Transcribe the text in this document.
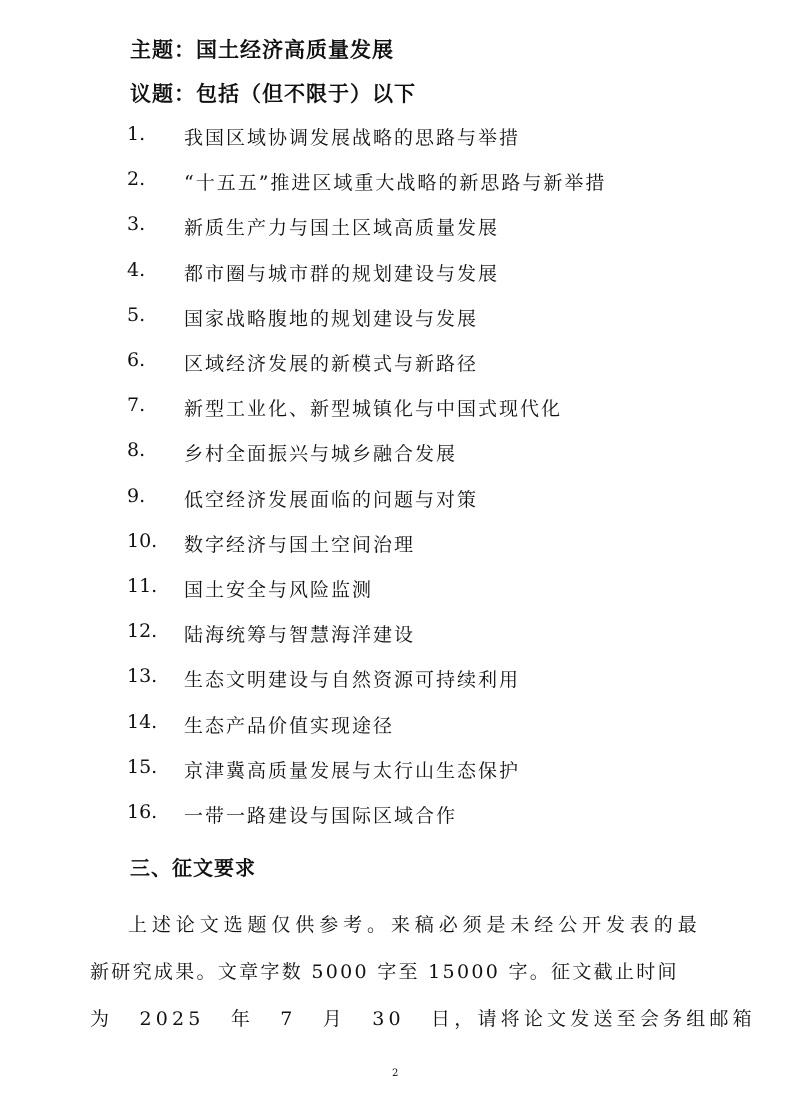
主题：国土经济高质量发展
议题：包括（但不限于）以下
1.	我国区域协调发展战略的思路与举措
2.	“十五五”推进区域重大战略的新思路与新举措
3.	新质生产力与国土区域高质量发展
4.	都市圈与城市群的规划建设与发展
5.	国家战略腹地的规划建设与发展
6.	区域经济发展的新模式与新路径
7.	新型工业化、新型城镇化与中国式现代化
8.	乡村全面振兴与城乡融合发展
9.	低空经济发展面临的问题与对策
10.	数字经济与国土空间治理
11.	国土安全与风险监测
12.	陆海统筹与智慧海洋建设
13.	生态文明建设与自然资源可持续利用
14.	生态产品价值实现途径
15.	京津冀高质量发展与太行山生态保护
16.	一带一路建设与国际区域合作
三、征文要求
上述论文选题仅供参考。来稿必须是未经公开发表的最
新研究成果。文章字数 5000 字至 15000 字。征文截止时间
为 2025 年 7 月 30 日，请将论文发送至会务组邮箱
2
